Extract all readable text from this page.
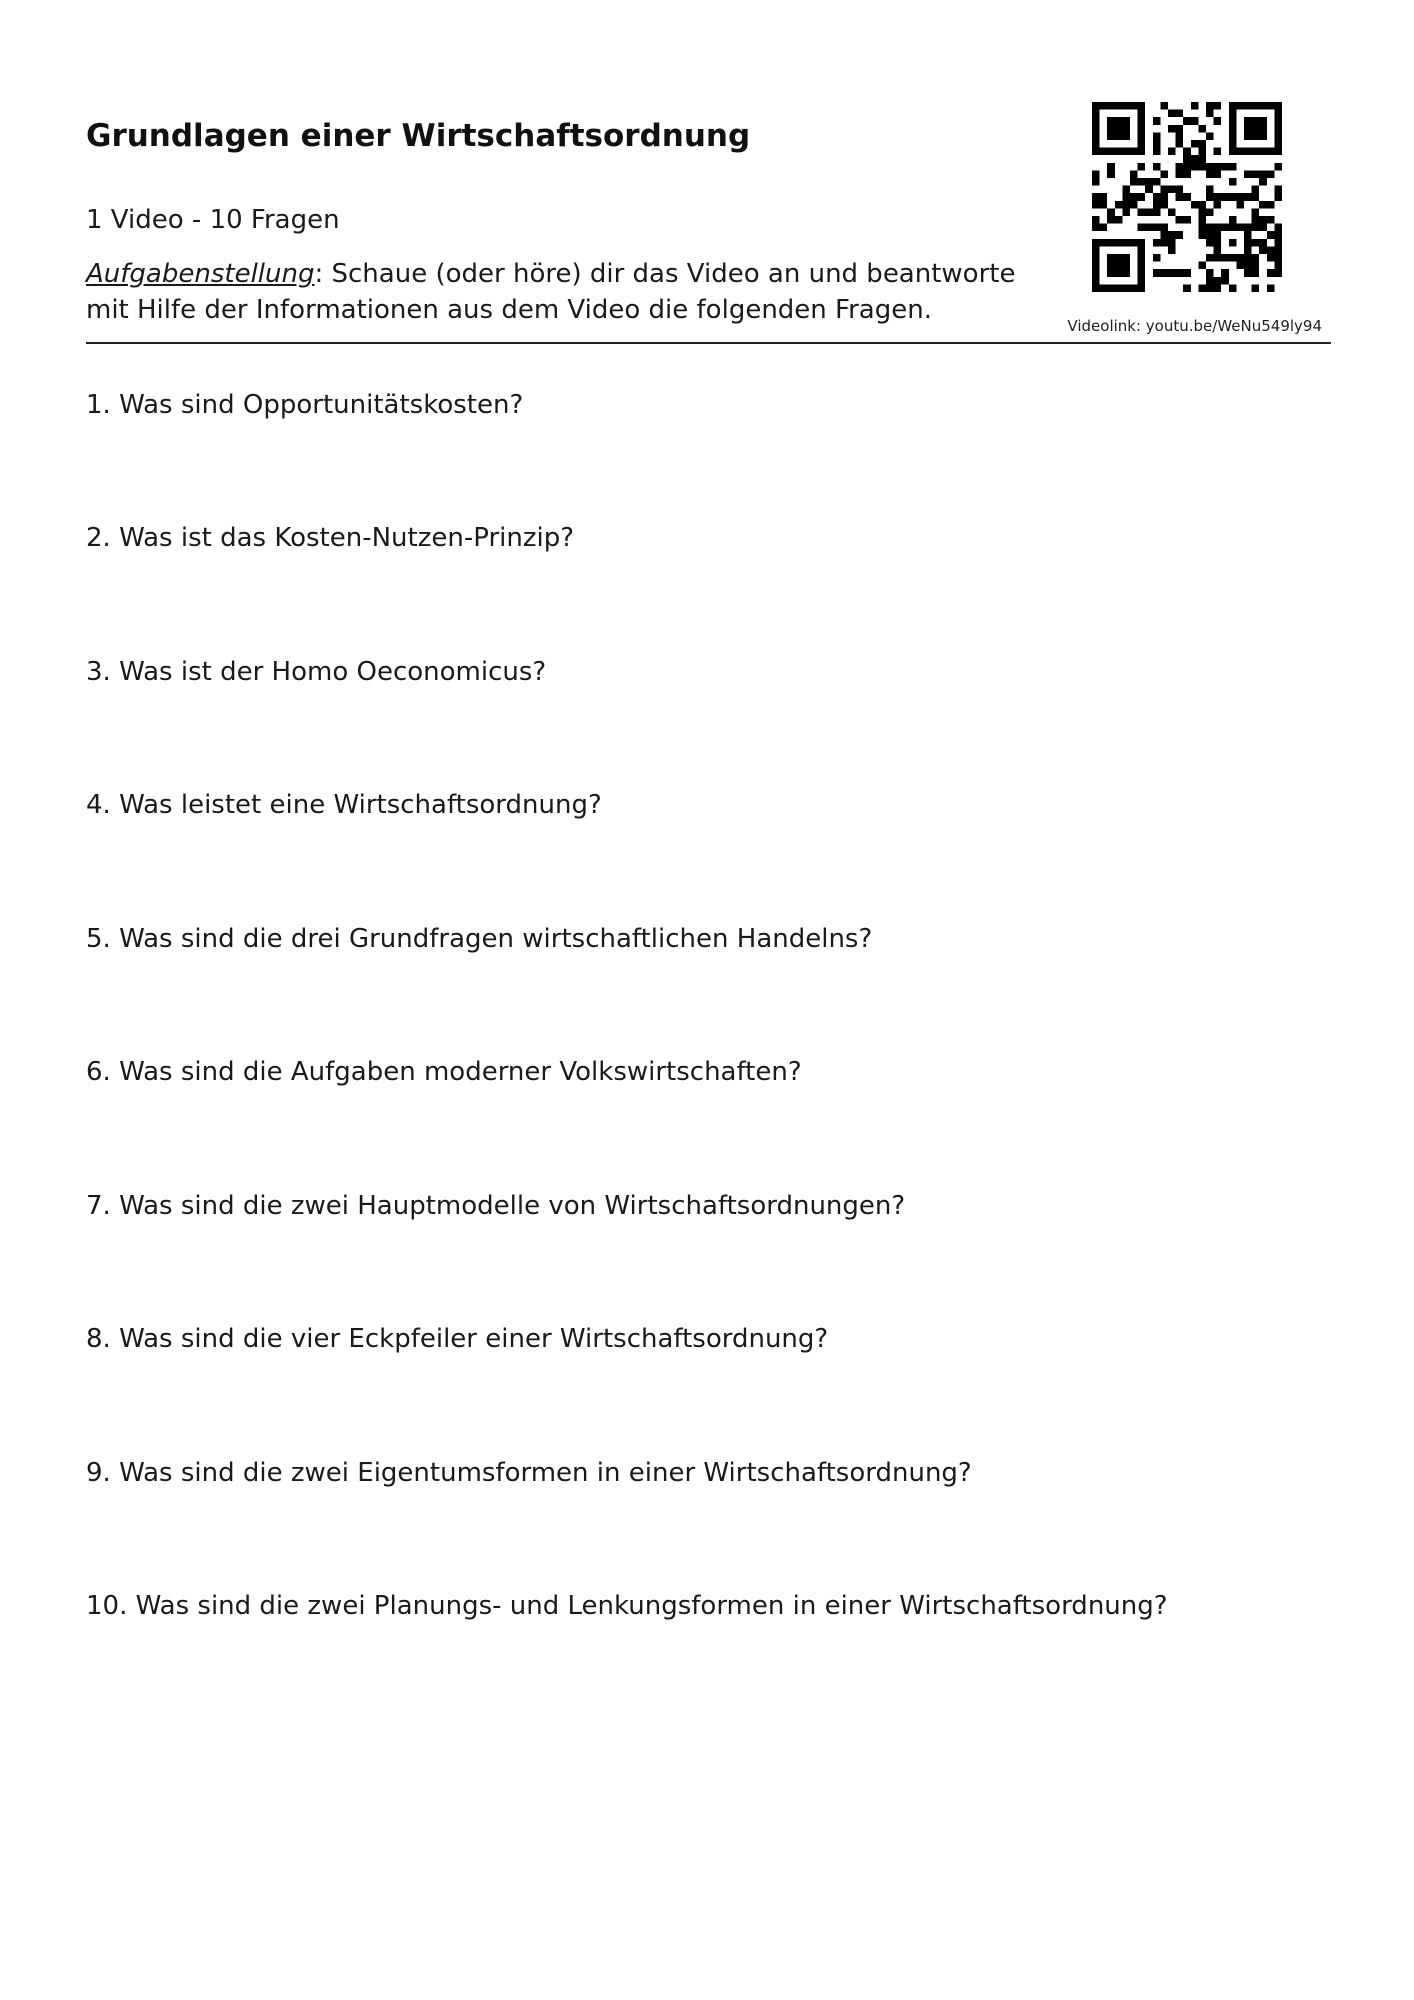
Grundlagen einer Wirtschaftsordnung
1 Video - 10 Fragen
Aufgabenstellung: Schaue (oder höre) dir das Video an und beantworte mit Hilfe der Informationen aus dem Video die folgenden Fragen.
Videolink: youtu.be/WeNu549ly94
1. Was sind Opportunitätskosten?
2. Was ist das Kosten-Nutzen-Prinzip?
3. Was ist der Homo Oeconomicus?
4. Was leistet eine Wirtschaftsordnung?
5. Was sind die drei Grundfragen wirtschaftlichen Handelns?
6. Was sind die Aufgaben moderner Volkswirtschaften?
7. Was sind die zwei Hauptmodelle von Wirtschaftsordnungen?
8. Was sind die vier Eckpfeiler einer Wirtschaftsordnung?
9. Was sind die zwei Eigentumsformen in einer Wirtschaftsordnung?
10. Was sind die zwei Planungs- und Lenkungsformen in einer Wirtschaftsordnung?
